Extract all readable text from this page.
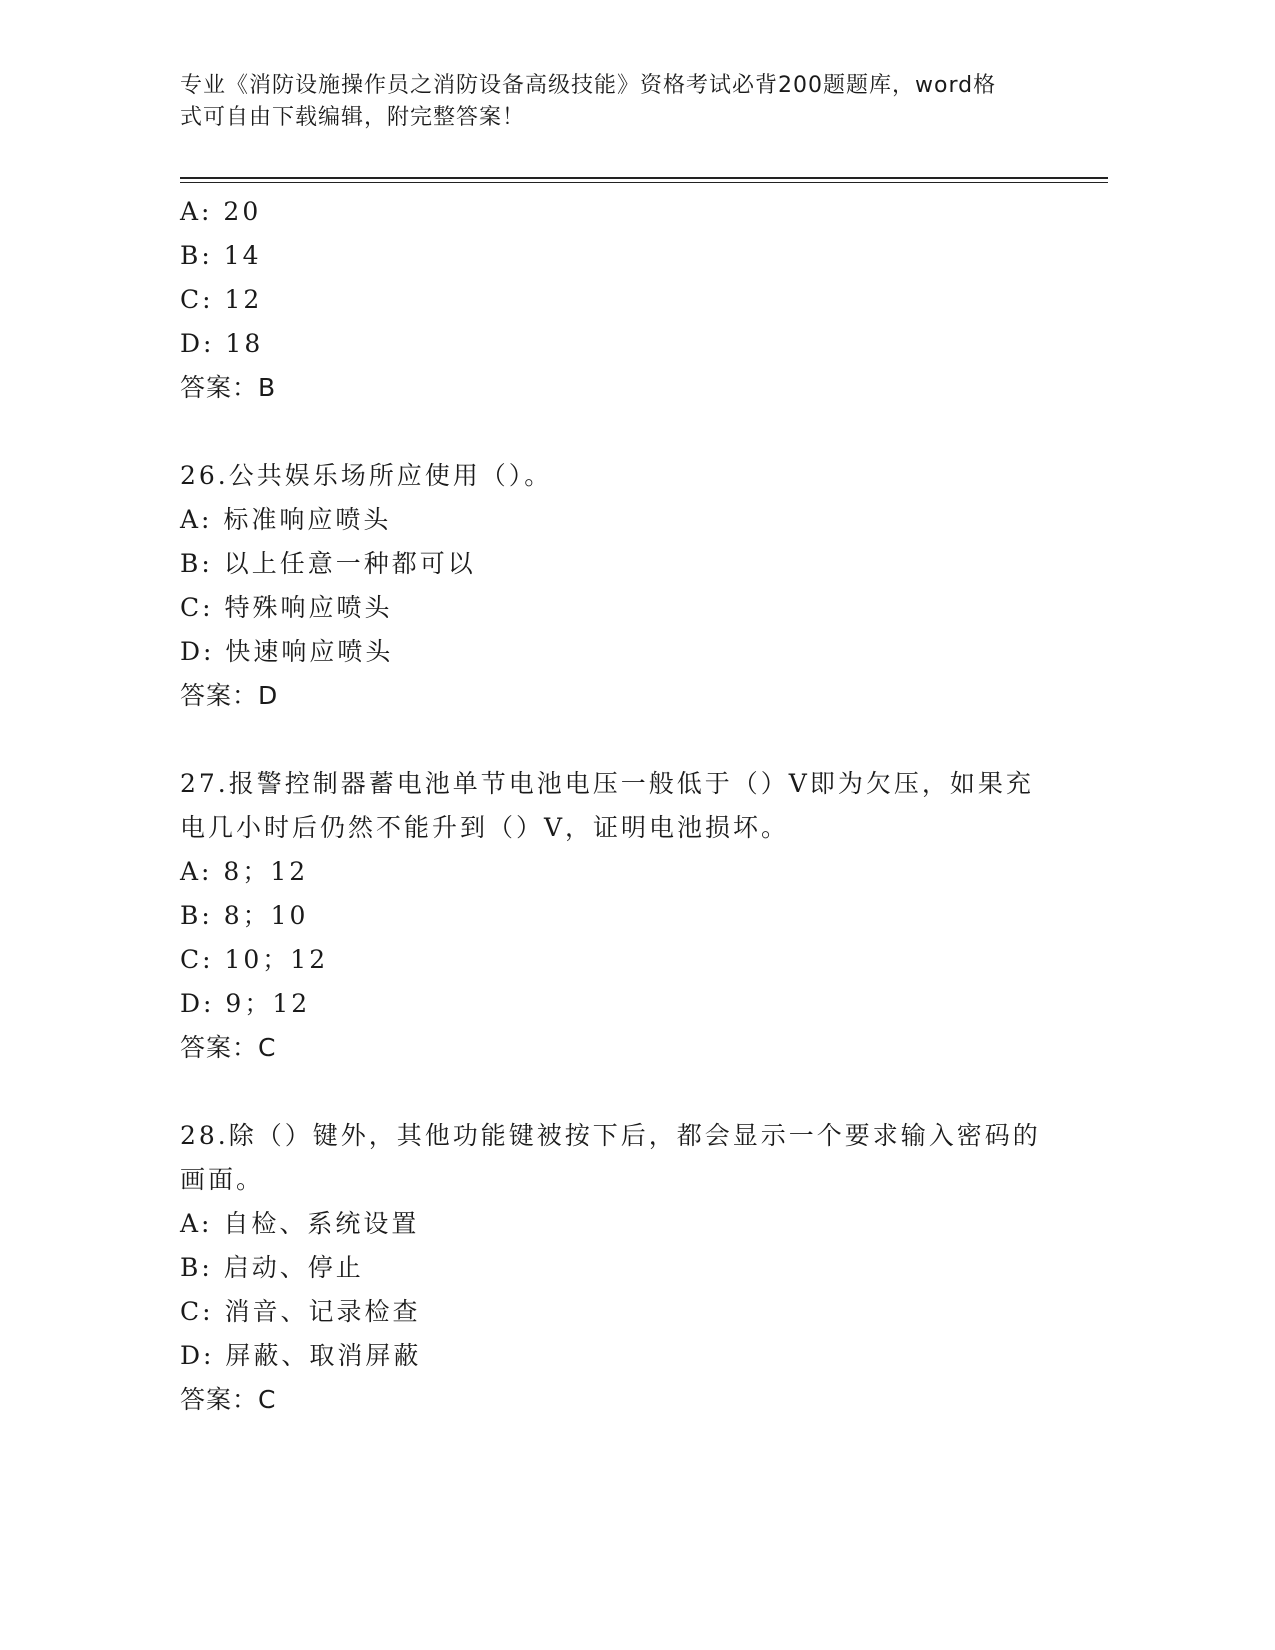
专业《消防设施操作员之消防设备高级技能》资格考试必背200题题库，word格
式可自由下载编辑，附完整答案！
A: 20
B: 14
C: 12
D: 18
答案：B
26.公共娱乐场所应使用（）。
A: 标准响应喷头
B: 以上任意一种都可以
C: 特殊响应喷头
D: 快速响应喷头
答案：D
27.报警控制器蓄电池单节电池电压一般低于（）V即为欠压，如果充
电几小时后仍然不能升到（）V，证明电池损坏。
A: 8；12
B: 8；10
C: 10；12
D: 9；12
答案：C
28.除（）键外，其他功能键被按下后，都会显示一个要求输入密码的
画面。
A: 自检、系统设置
B: 启动、停止
C: 消音、记录检查
D: 屏蔽、取消屏蔽
答案：C
